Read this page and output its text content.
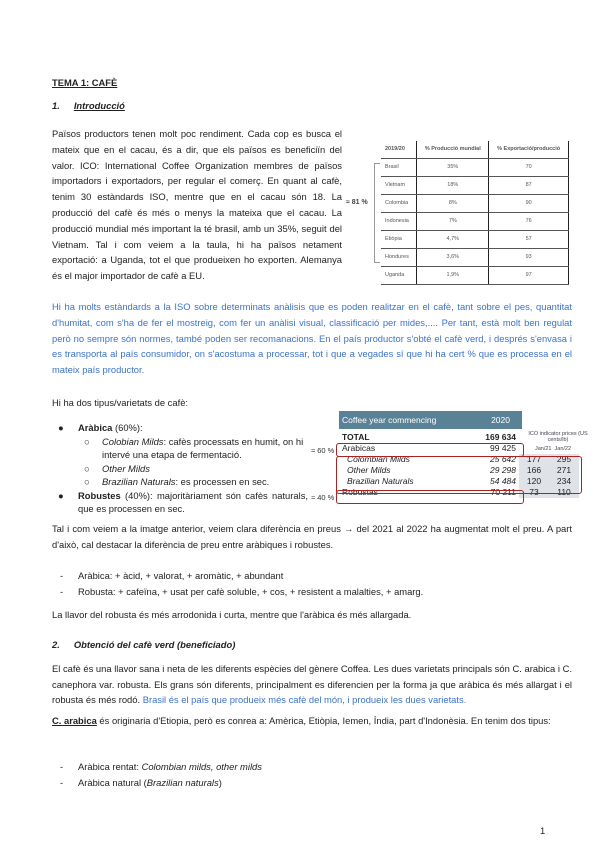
TEMA 1: CAFÈ
1. Introducció

Països productors tenen molt poc rendiment. Cada cop es busca el mateix que en el cacau, és a dir, que els països es beneficiïn del valor. ICO: International Coffee Organization membres de països importadors i exportadors, per regular el comerç. En quant al cafè, tenim 30 estàndards ISO, mentre que en el cacau són 18. La producció del cafè és més o menys la mateixa que el cacau. La producció mundial més important la té brasil, amb un 35%, seguit del Vietnam. Tal i com veiem a la taula, hi ha països netament exportació: a Uganda, tot el que produeixen ho exporten. Alemanya és el major importador de cafè a EU.

≈ 81 %
2019/20	% Producció mundial	% Exportació/producció
Brasil	35%	70
Vietnam	18%	87
Colombia	8%	90
Indonesia	7%	76
Etiòpia	4,7%	57
Hondures	3,6%	93
Uganda	1,9%	97

Hi ha molts estàndards a la ISO sobre determinats anàlisis que es poden realitzar en el cafè, tant sobre el pes, quantitat d'humitat, com s'ha de fer el mostreig, com fer un anàlisi visual, classificació per mides,.... Per tant, està molt ben regulat però no sempre són normes, també poden ser recomanacions. En el país productor s'obté el cafè verd, i després s'envasa i es transporta al país consumidor, on s'acostuma a processar, tot i que a vegades sí que hi ha cert % que es processa en el mateix país productor.

Hi ha dos tipus/varietats de cafè:

● Aràbica (60%):
○ Colobian Milds: cafès processats en humit, on hi intervé una etapa de fermentació.
○ Other Milds
○ Brazilian Naturals: es processen en sec.
● Robustes (40%): majoritàriament són cafès naturals, que es processen en sec.
Coffee year commencing	2020
ICO indicator prices (US cents/lb)
Jan/21 Jan/22
≈ 60 %
≈ 40 %
TOTAL	169 634		
Arabicas	99 425		
Colombian Milds	25 642	177	295
Other Milds	29 298	166	271
Brazilian Naturals	54 484	120	234
Robustas	70 211	73	110

Tal i com veiem a la imatge anterior, veiem clara diferència en preus → del 2021 al 2022 ha augmentat molt el preu. A part d'això, cal destacar la diferència de preu entre aràbiques i robustes.

- Aràbica: + àcid, + valorat, + aromàtic, + abundant
- Robusta: + cafeïna, + usat per cafè soluble, + cos, + resistent a malalties, + amarg.

La llavor del robusta és més arrodonida i curta, mentre que l'aràbica és més allargada.

2. Obtenció del cafè verd (beneficiado)

El cafè és una llavor sana i neta de les diferents espècies del gènere Coffea. Les dues varietats principals són C. arabica i C. canephora var. robusta. Els grans són diferents, principalment es diferencien per la forma ja que aràbica és més allargat i el robusta és més rodó. Brasil és el país que produeix més cafè del món, i produeix les dues varietats.

C. arabica és originaria d'Etiopia, però es conrea a: Amèrica, Etiòpia, Iemen, Índia, part d'Indonèsia. En tenim dos tipus:

- Aràbica rentat: Colombian milds, other milds
- Aràbica natural (Brazilian naturals)
1
